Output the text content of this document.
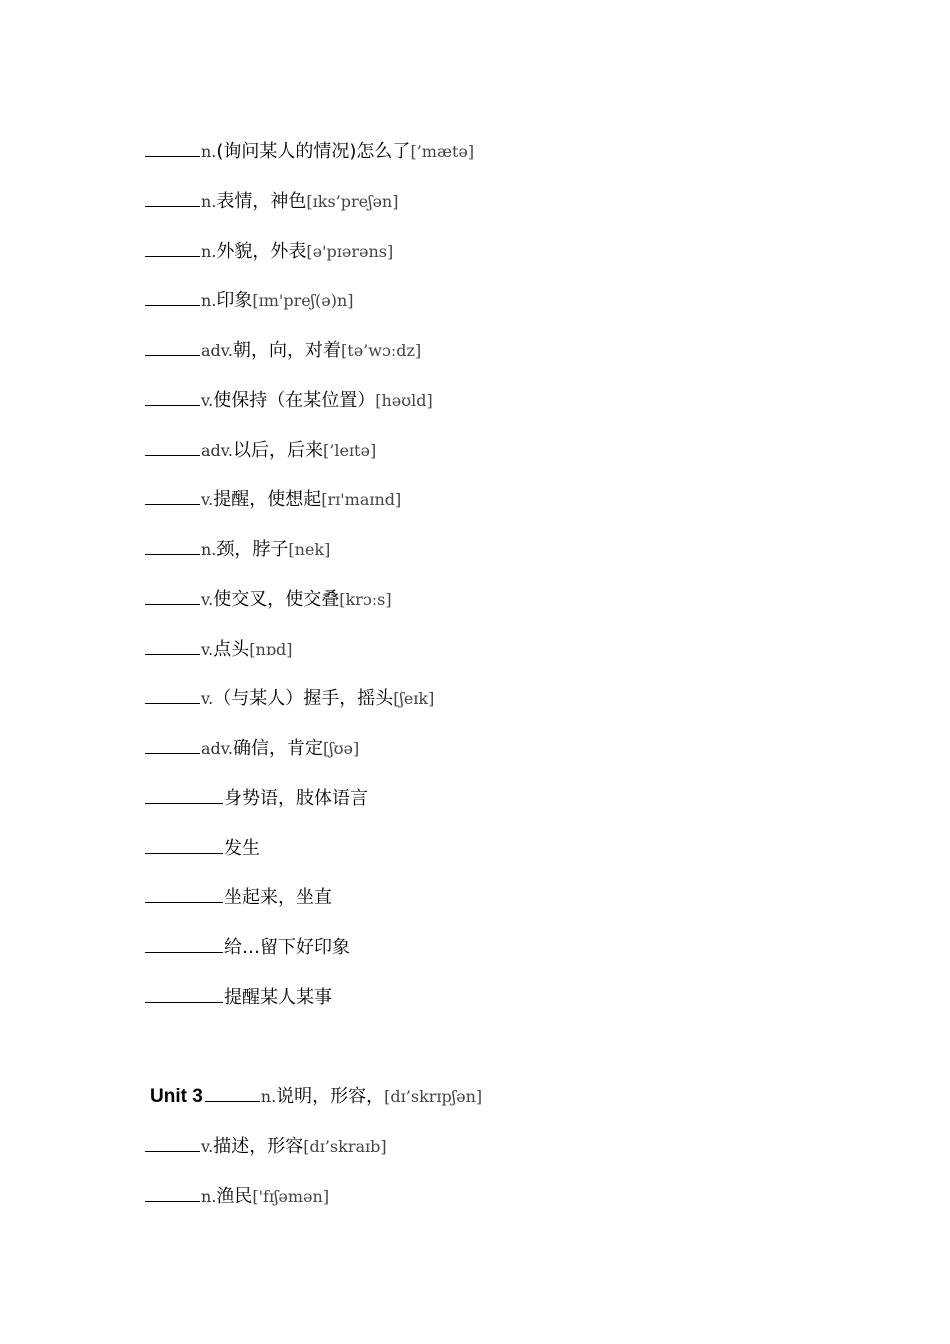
n. (询问某人的情况)怎么了 [’mætə]
n. 表情，神色 [ɪks’preʃən]
n. 外貌，外表 [ə'pɪərəns]
n. 印象 [ɪm'preʃ(ə)n]
adv. 朝，向，对着 [tə’wɔːdz]
v. 使保持（在某位置） [həʊld]
adv. 以后，后来 [’leɪtə]
v. 提醒，使想起 [rɪ'maɪnd]
n. 颈，脖子 [nek]
v. 使交叉，使交叠 [krɔːs]
v. 点头 [nɒd]
v. （与某人）握手，摇头 [ʃeɪk]
adv. 确信，肯定 [ʃʊə]
身势语，肢体语言
发生
坐起来，坐直
给…留下好印象
提醒某人某事
Unit 3	n. 说明，形容， [dɪ’skrɪpʃən]
v. 描述，形容 [dɪ’skraɪb]
n. 渔民 ['fɪʃəmən]
